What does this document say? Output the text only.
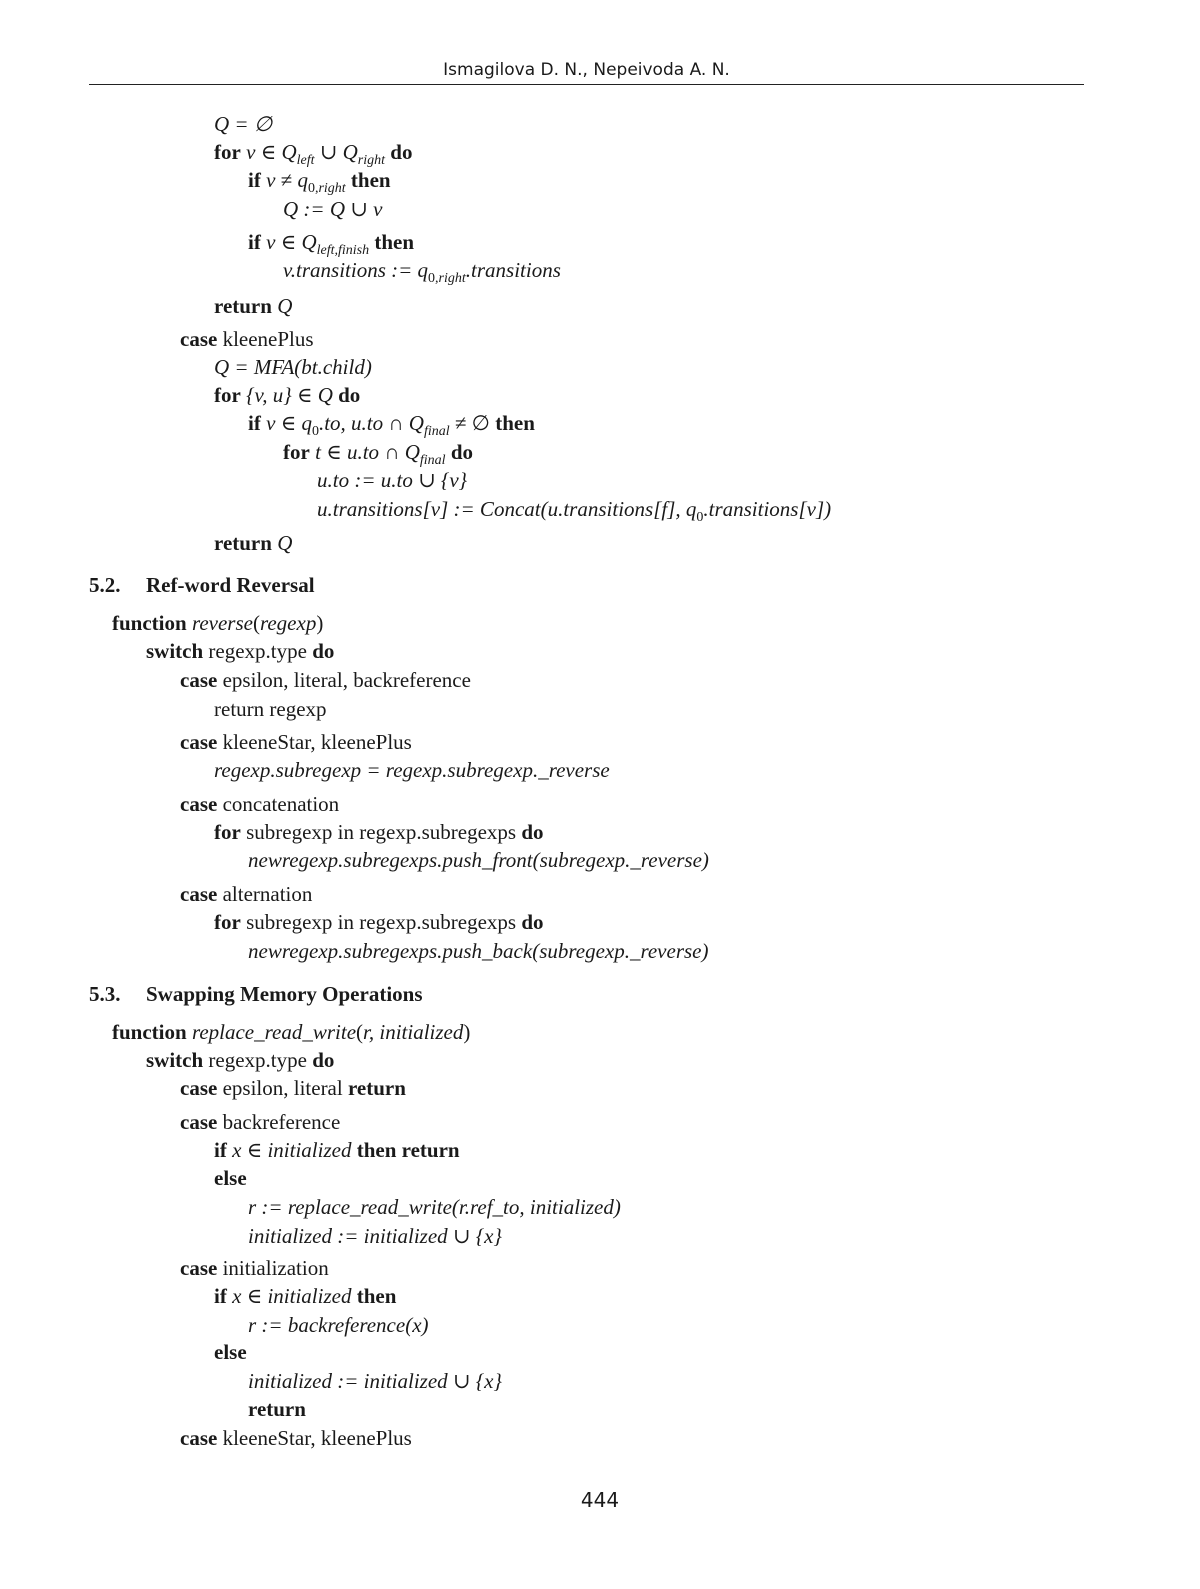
Ismagilova D. N., Nepeivoda A. N.
Q = ∅
for v ∈ $Q_{left}$ ∪ $Q_{right}$ do
if $v \ne q_{0,right}$ then
Q := Q ∪ v
if v ∈ $Q_{left,finish}$ then
v.transitions := $q_{0,right}.transitions$
return Q
case kleenePlus
Q = MFA(bt.child)
for {v, u} ∈ Q do
if v ∈ $q_0.to$, u.to ∩ $Q_{final}$ ≠ ∅ then
for t ∈ u.to ∩ $Q_{final}$ do
u.to := u.to ∪ {v}
u.transitions[v] := Concat(u.transitions[f], $q_0.transitions[v]$)
return Q
5.2. Ref-word Reversal
function reverse(regexp)
switch regexp.type do
case epsilon, literal, backreference
return regexp
case kleeneStar, kleenePlus
regexp.subregexp = regexp.subregexp._reverse
case concatenation
for subregexp in regexp.subregexps do
newregexp.subregexps.push_front(subregexp._reverse)
case alternation
for subregexp in regexp.subregexps do
newregexp.subregexps.push_back(subregexp._reverse)
5.3. Swapping Memory Operations
function replace_read_write(r, initialized)
switch regexp.type do
case epsilon, literal return
case backreference
if x ∈ initialized then return
else
r := replace_read_write(r.ref_to, initialized)
initialized := initialized ∪ {x}
case initialization
if x ∈ initialized then
r := backreference(x)
else
initialized := initialized ∪ {x}
return
case kleeneStar, kleenePlus
444
